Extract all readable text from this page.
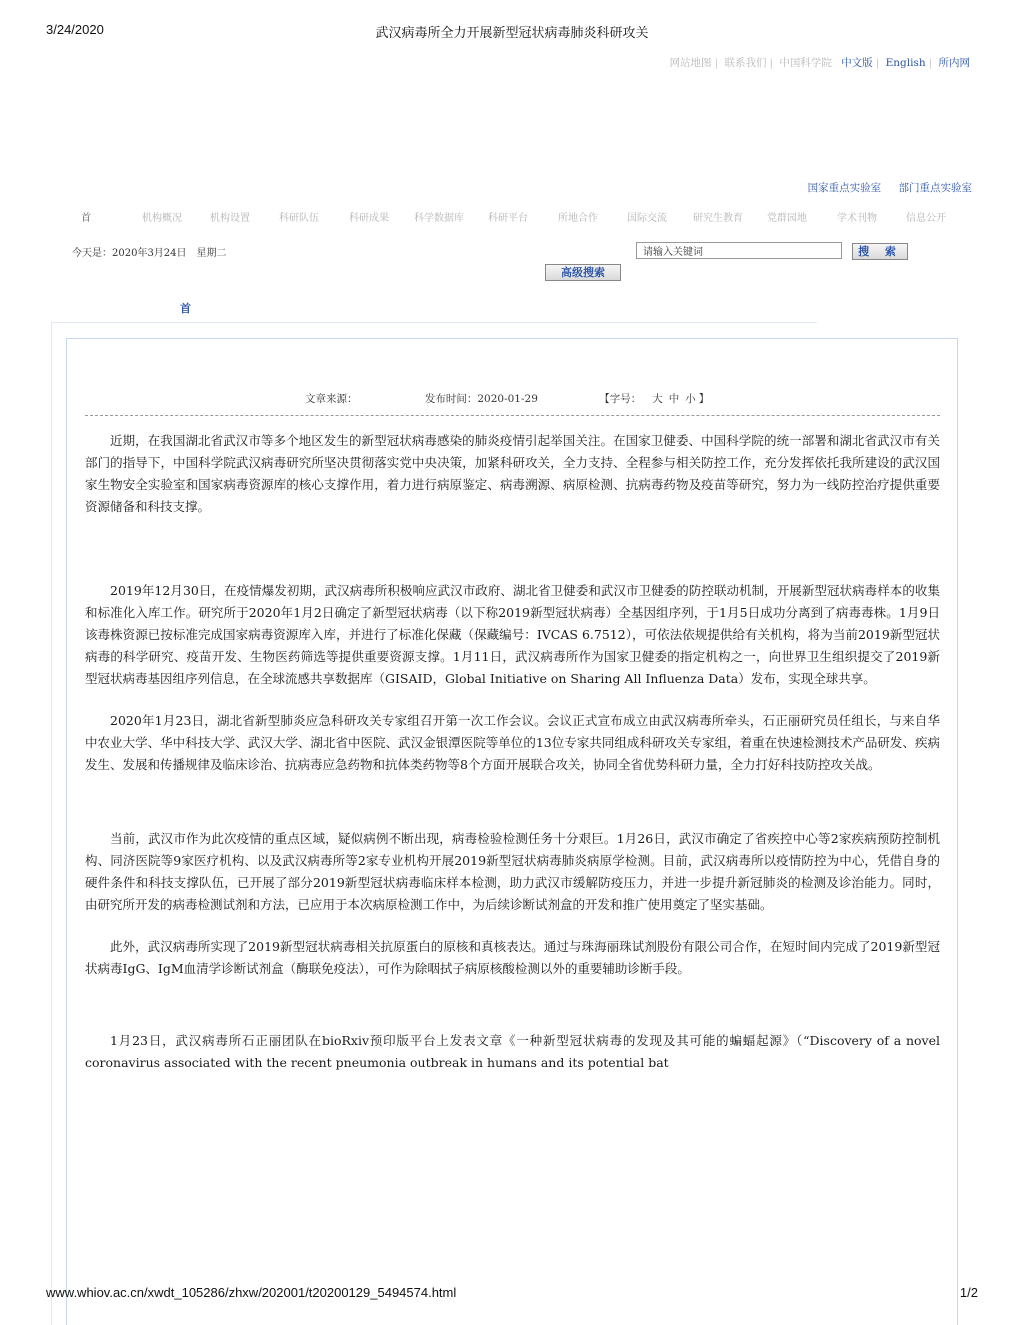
3/24/2020	武汉病毒所全力开展新型冠状病毒肺炎科研攻关
网站地图 | 联系我们 | 中国科学院 中文版 | English | 所内网
国家重点实验室 部门重点实验室
首	机构概况	机构设置	科研队伍	科研成果	科学数据库 科研平台	所地合作	国际交流	研究生教育 党群园地	学术刊物	信息公开
今天是：2020年3月24日　星期二
请输入关键词	搜 索
高级搜索
首
文章来源：	发布时间：2020-01-29	【字号： 大 中 小 】

近期，在我国湖北省武汉市等多个地区发生的新型冠状病毒感染的肺炎疫情引起举国关注。在国家卫健委、中国科学院的统一部署和湖北省武汉市有关部门的指导下，中国科学院武汉病毒研究所坚决贯彻落实党中央决策，加紧科研攻关，全力支持、全程参与相关防控工作，充分发挥依托我所建设的武汉国家生物安全实验室和国家病毒资源库的核心支撑作用，着力进行病原鉴定、病毒溯源、病原检测、抗病毒药物及疫苗等研究，努力为一线防控治疗提供重要资源储备和科技支撑。

2019年12月30日，在疫情爆发初期，武汉病毒所积极响应武汉市政府、湖北省卫健委和武汉市卫健委的防控联动机制，开展新型冠状病毒样本的收集和标准化入库工作。研究所于2020年1月2日确定了新型冠状病毒（以下称2019新型冠状病毒）全基因组序列，于1月5日成功分离到了病毒毒株。1月9日该毒株资源已按标准完成国家病毒资源库入库，并进行了标准化保藏（保藏编号：IVCAS 6.7512），可依法依规提供给有关机构，将为当前2019新型冠状病毒的科学研究、疫苗开发、生物医药筛选等提供重要资源支撑。1月11日，武汉病毒所作为国家卫健委的指定机构之一，向世界卫生组织提交了2019新型冠状病毒基因组序列信息，在全球流感共享数据库（GISAID，Global Initiative on Sharing All Influenza Data）发布，实现全球共享。

2020年1月23日，湖北省新型肺炎应急科研攻关专家组召开第一次工作会议。会议正式宣布成立由武汉病毒所牵头，石正丽研究员任组长，与来自华中农业大学、华中科技大学、武汉大学、湖北省中医院、武汉金银潭医院等单位的13位专家共同组成科研攻关专家组，着重在快速检测技术产品研发、疾病发生、发展和传播规律及临床诊治、抗病毒应急药物和抗体类药物等8个方面开展联合攻关，协同全省优势科研力量，全力打好科技防控攻关战。

当前，武汉市作为此次疫情的重点区域，疑似病例不断出现，病毒检验检测任务十分艰巨。1月26日，武汉市确定了省疾控中心等2家疾病预防控制机构、同济医院等9家医疗机构、以及武汉病毒所等2家专业机构开展2019新型冠状病毒肺炎病原学检测。目前，武汉病毒所以疫情防控为中心，凭借自身的硬件条件和科技支撑队伍，已开展了部分2019新型冠状病毒临床样本检测，助力武汉市缓解防疫压力，并进一步提升新冠肺炎的检测及诊治能力。同时，由研究所开发的病毒检测试剂和方法，已应用于本次病原检测工作中，为后续诊断试剂盒的开发和推广使用奠定了坚实基础。

此外，武汉病毒所实现了2019新型冠状病毒相关抗原蛋白的原核和真核表达。通过与珠海丽珠试剂股份有限公司合作，在短时间内完成了2019新型冠状病毒IgG、IgM血清学诊断试剂盒（酶联免疫法），可作为除咽拭子病原核酸检测以外的重要辅助诊断手段。

1月23日，武汉病毒所石正丽团队在bioRxiv预印版平台上发表文章《一种新型冠状病毒的发现及其可能的蝙蝠起源》（“Discovery of a novel coronavirus associated with the recent pneumonia outbreak in humans and its potential bat

www.whiov.ac.cn/xwdt_105286/zhxw/202001/t20200129_5494574.html	1/2
